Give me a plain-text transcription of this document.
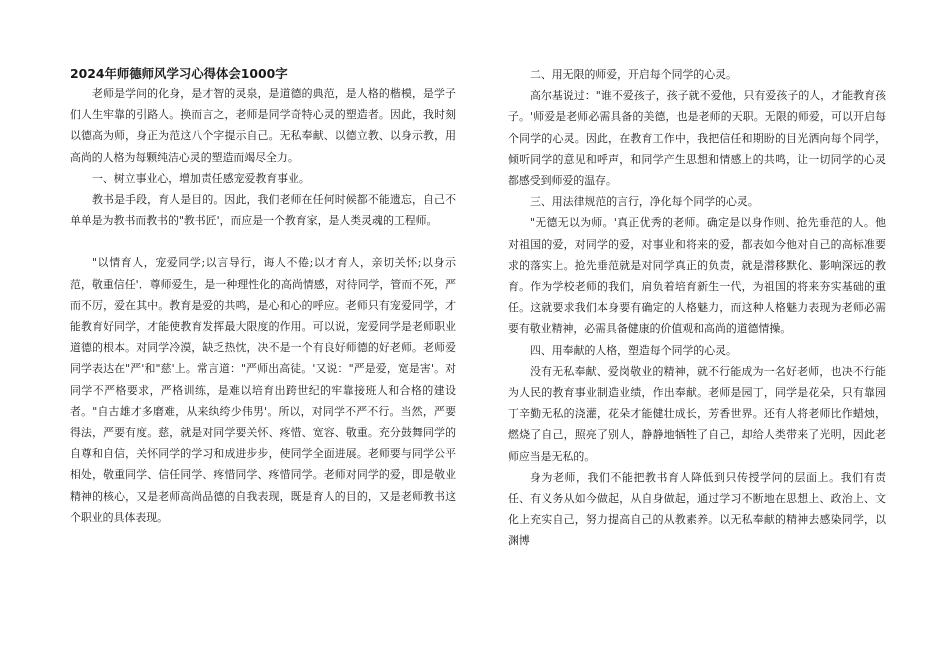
2024年师德师风学习心得体会1000字

老师是学问的化身，是才智的灵泉，是道德的典范，是人格的楷模，是学子们人生牢靠的引路人。换而言之，老师是同学奇特心灵的塑造者。因此，我时刻以德高为师，身正为范这八个字提示自己。无私奉献、以德立教、以身示教，用高尚的人格为每颗纯洁心灵的塑造而竭尽全力。

一、树立事业心，增加责任感宠爱教育事业。

教书是手段，育人是目的。因此，我们老师在任何时候都不能遗忘，自己不单单是为教书而教书的"教书匠'，而应是一个教育家，是人类灵魂的工程师。

"以情育人，宠爱同学;以言导行，诲人不倦;以才育人，亲切关怀;以身示范，敬重信任'．尊师爱生，是一种理性化的高尚情感，对待同学，管而不死，严而不厉，爱在其中。教育是爱的共鸣，是心和心的呼应。老师只有宠爱同学，才能教育好同学，才能使教育发挥最大限度的作用。可以说，宠爱同学是老师职业道德的根本。对同学冷漠，缺乏热忱，决不是一个有良好师德的好老师。老师爱同学表达在"严'和"慈'上。常言道："严师出高徒。'又说："严是爱，宽是害'。对同学不严格要求，严格训练，是难以培育出跨世纪的牢靠接班人和合格的建设者。"自古雄才多磨难，从来纨绔少伟男'。所以，对同学不严不行。当然，严要得法，严要有度。慈，就是对同学要关怀、疼惜、宽容、敬重。充分鼓舞同学的自尊和自信，关怀同学的学习和成进步步，使同学全面进展。老师要与同学公平相处，敬重同学、信任同学、疼惜同学、疼惜同学。老师对同学的爱，即是敬业精神的核心，又是老师高尚品德的自我表现，既是育人的目的，又是老师教书这个职业的具体表现。

二、用无限的师爱，开启每个同学的心灵。

高尔基说过："谁不爱孩子，孩子就不爱他，只有爱孩子的人，才能教育孩子。'师爱是老师必需具备的美德，也是老师的天职。无限的师爱，可以开启每个同学的心灵。因此，在教育工作中，我把信任和期盼的目光洒向每个同学，倾听同学的意见和呼声，和同学产生思想和情感上的共鸣，让一切同学的心灵都感受到师爱的温存。

三、用法律规范的言行，净化每个同学的心灵。

"无德无以为师。'真正优秀的老师。确定是以身作则、抢先垂范的人。他对祖国的爱，对同学的爱，对事业和将来的爱，都表如今他对自己的高标准要求的落实上。抢先垂范就是对同学真正的负责，就是潜移默化、影响深远的教育。作为学校老师的我们，肩负着培育新生一代，为祖国的将来夯实基础的重任。这就要求我们本身要有确定的人格魅力，而这种人格魅力表现为老师必需要有敬业精神，必需具备健康的价值观和高尚的道德情操。

四、用奉献的人格，塑造每个同学的心灵。

没有无私奉献、爱岗敬业的精神，就不行能成为一名好老师，也决不行能为人民的教育事业制造业绩，作出奉献。老师是园丁，同学是花朵，只有靠园丁辛勤无私的浇灌，花朵才能健壮成长，芳香世界。还有人将老师比作蜡烛，燃烧了自己，照亮了别人，静静地牺牲了自己，却给人类带来了光明，因此老师应当是无私的。

身为老师，我们不能把教书育人降低到只传授学问的层面上。我们有责任、有义务从如今做起，从自身做起，通过学习不断地在思想上、政治上、文化上充实自己，努力提高自己的从教素养。以无私奉献的精神去感染同学，以渊博
